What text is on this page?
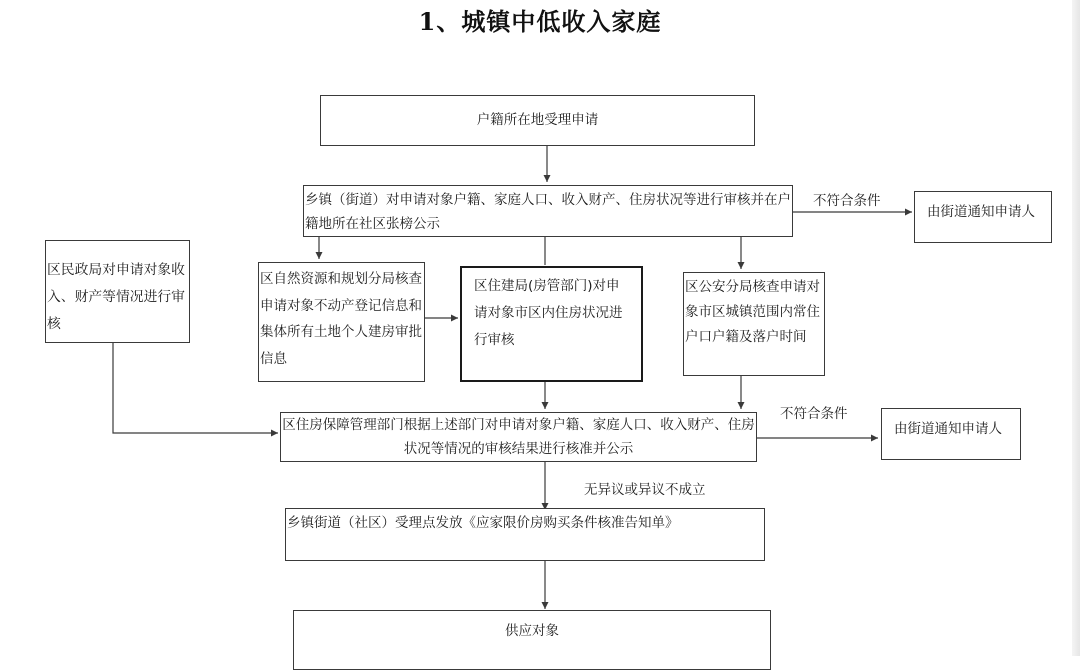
1、城镇中低收入家庭
户籍所在地受理申请
乡镇（街道）对申请对象户籍、家庭人口、收入财产、住房状况等进行审核并在户籍地所在社区张榜公示
不符合条件
由街道通知申请人
区民政局对申请对象收入、财产等情况进行审核
区自然资源和规划分局核查申请对象不动产登记信息和集体所有土地个人建房审批信息
区住建局(房管部门)对申请对象市区内住房状况进行审核
区公安分局核查申请对象市区城镇范围内常住户口户籍及落户时间
区住房保障管理部门根据上述部门对申请对象户籍、家庭人口、收入财产、住房状况等情况的审核结果进行核准并公示
不符合条件
由街道通知申请人
无异议或异议不成立
乡镇街道（社区）受理点发放《应家限价房购买条件核准告知单》
供应对象
